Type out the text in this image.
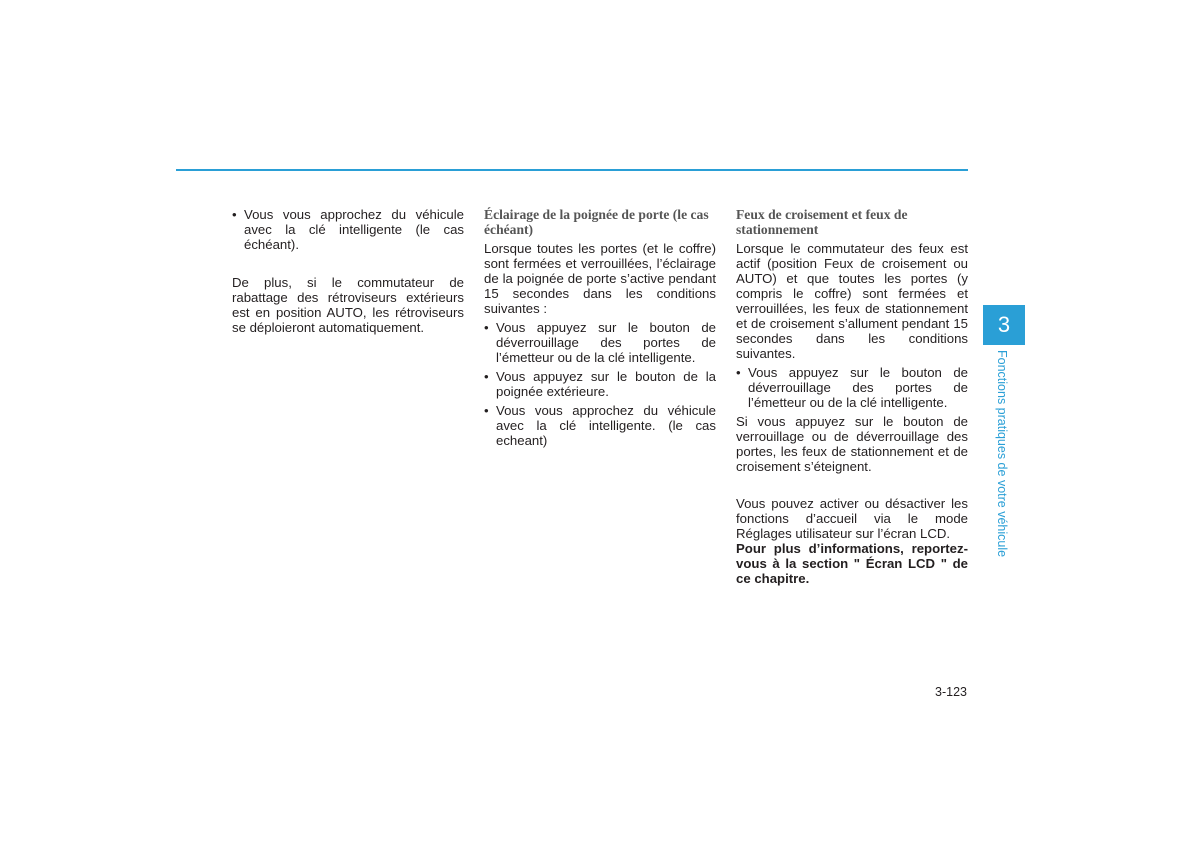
• Vous vous approchez du véhicule avec la clé intelligente (le cas échéant).

De plus, si le commutateur de rabattage des rétroviseurs extérieurs est en position AUTO, les rétroviseurs se déploieront automatiquement.

Éclairage de la poignée de porte (le cas échéant)

Lorsque toutes les portes (et le coffre) sont fermées et verrouillées, l’éclairage de la poignée de porte s’active pendant 15 secondes dans les conditions suivantes :

• Vous appuyez sur le bouton de déverrouillage des portes de l’émetteur ou de la clé intelligente.
• Vous appuyez sur le bouton de la poignée extérieure.
• Vous vous approchez du véhicule avec la clé intelligente. (le cas echeant)
Feux de croisement et feux de stationnement

Lorsque le commutateur des feux est actif (position Feux de croisement ou AUTO) et que toutes les portes (y compris le coffre) sont fermées et verrouillées, les feux de stationnement et de croisement s’allument pendant 15 secondes dans les conditions suivantes.

• Vous appuyez sur le bouton de déverrouillage des portes de l’émetteur ou de la clé intelligente.

Si vous appuyez sur le bouton de verrouillage ou de déverrouillage des portes, les feux de stationnement et de croisement s’éteignent.

Vous pouvez activer ou désactiver les fonctions d’accueil via le mode Réglages utilisateur sur l’écran LCD.

Pour plus d’informations, reportez-vous à la section " Écran LCD " de ce chapitre.

3
Fonctions pratiques de votre véhicule
3-123
